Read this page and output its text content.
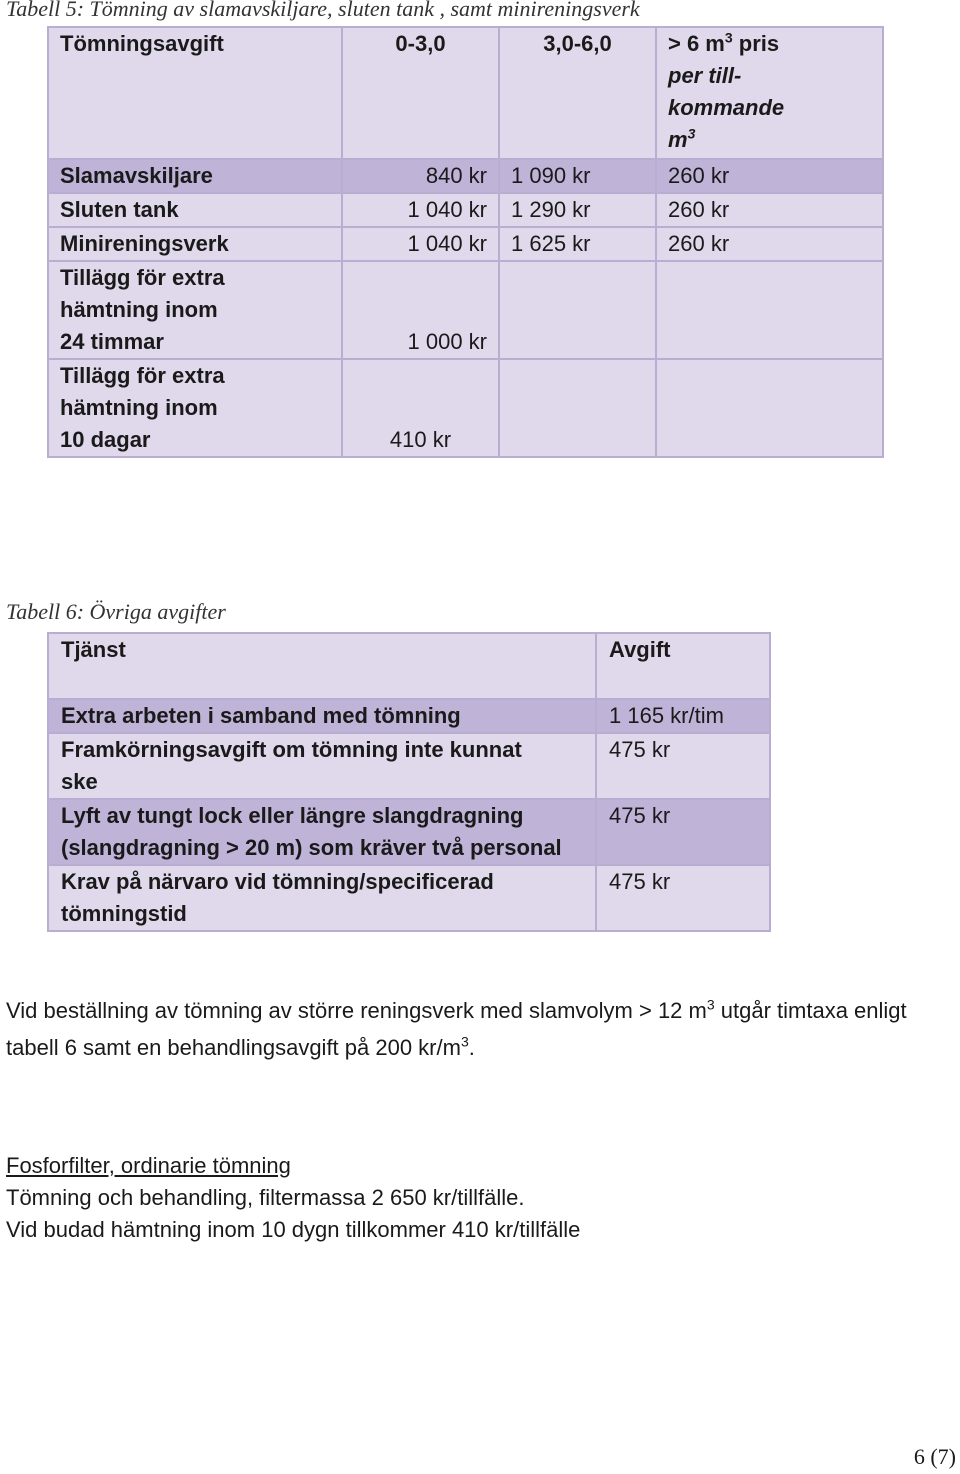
Tabell 5: Tömning av slamavskiljare, sluten tank , samt minireningsverk
Tömningsavgift	0-3,0	3,0-6,0	> 6 $m^3$ pris
per till-
kommande
$m^3$

Slamavskiljare	840 kr	1 090 kr	260 kr
Sluten tank	1 040 kr	1 290 kr	260 kr
Minireningsverk	1 040 kr	1 625 kr	260 kr

Tillägg för extra
hämtning inom
24 timmar	1 000 kr		

Tillägg för extra
hämtning inom
10 dagar	410 kr		
Tabell 6: Övriga avgifter
Tjänst	Avgift
Extra arbeten i samband med tömning	1 165 kr/tim

Framkörningsavgift om tömning inte kunnat
ske	475 kr

Lyft av tungt lock eller längre slangdragning
(slangdragning > 20 m) som kräver två personal	475 kr

Krav på närvaro vid tömning/specificerad
tömningstid	475 kr
Vid beställning av tömning av större reningsverk med slamvolym > 12 $m^3$ utgår timtaxa enligt tabell 6 samt en behandlingsavgift på 200 $kr/m^3$.
Fosforfilter, ordinarie tömning
Tömning och behandling, filtermassa 2 650 kr/tillfälle.
Vid budad hämtning inom 10 dygn tillkommer 410 kr/tillfälle
6 (7)
